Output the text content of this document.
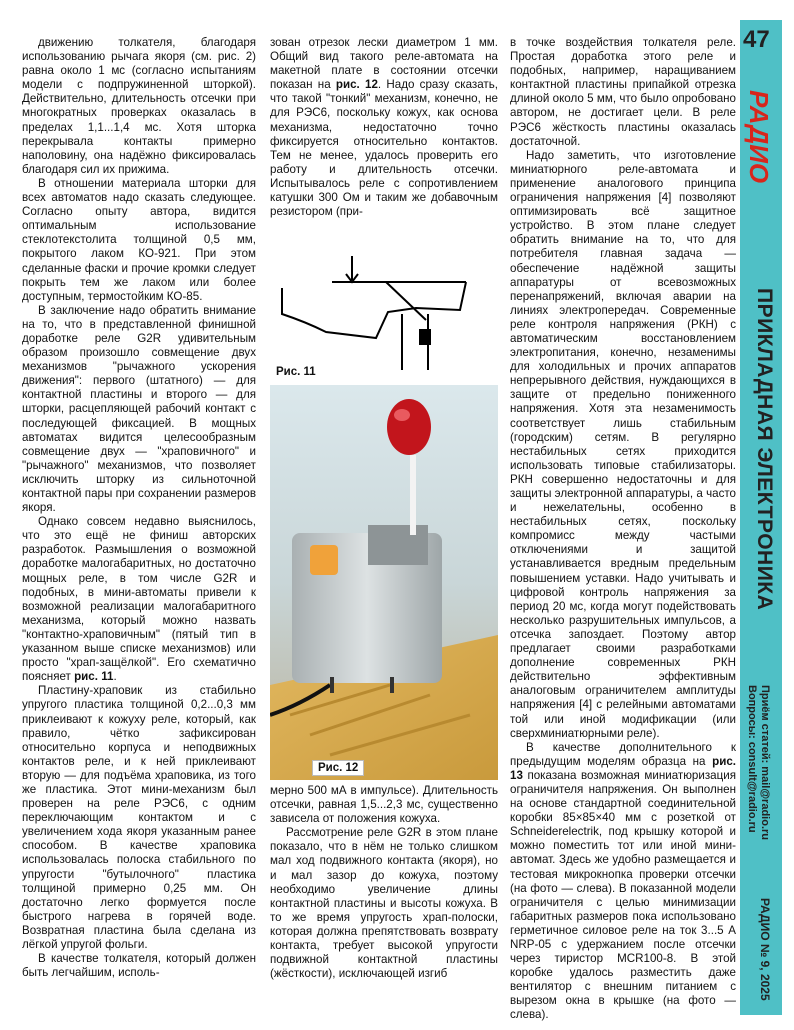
движению толкателя, благодаря использованию рычага якоря (см. рис. 2) равна около 1 мс (согласно испытаниям модели с подпружиненной шторкой). Действительно, длительность отсечки при многократных проверках оказалась в пределах 1,1...1,4 мс. Хотя шторка перекрывала контакты примерно наполовину, она надёжно фиксировалась благодаря сил их прижима.

В отношении материала шторки для всех автоматов надо сказать следующее. Согласно опыту автора, видится оптимальным использование стеклотекстолита толщиной 0,5 мм, покрытого лаком КО-921. При этом сделанные фаски и прочие кромки следует покрыть тем же лаком или более доступным, термостойким КО-85.

В заключение надо обратить внимание на то, что в представленной финишной доработке реле G2R удивительным образом произошло совмещение двух механизмов "рычажного ускорения движения": первого (штатного) — для контактной пластины и второго — для шторки, расцепляющей рабочий контакт с последующей фиксацией. В мощных автоматах видится целесообразным совмещение двух — "храповичного" и "рычажного" механизмов, что позволяет исключить шторку из сильноточной контактной пары при сохранении размеров якоря.

Однако совсем недавно выяснилось, что это ещё не финиш авторских разработок. Размышления о возможной доработке малогабаритных, но достаточно мощных реле, в том числе G2R и подобных, в мини-автоматы привели к возможной реализации малогабаритного механизма, который можно назвать "контактно-храповичным" (пятый тип в указанном выше списке механизмов) или просто "храп-защёлкой". Его схематично поясняет рис. 11.

Пластину-храповик из стабильно упругого пластика толщиной 0,2...0,3 мм приклеивают к кожуху реле, который, как правило, чётко зафиксирован относительно корпуса и неподвижных контактов реле, и к ней приклеивают вторую — для подъёма храповика, из того же пластика. Этот мини-механизм был проверен на реле РЭС6, с одним переключающим контактом и с увеличением хода якоря указанным ранее способом. В качестве храповика использовалась полоска стабильного по упругости "бутылочного" пластика толщиной примерно 0,25 мм. Он достаточно легко формуется после быстрого нагрева в горячей воде. Возвратная пластина была сделана из лёгкой упругой фольги.

В качестве толкателя, который должен быть легчайшим, исполь-

зован отрезок лески диаметром 1 мм. Общий вид такого реле-автомата на макетной плате в состоянии отсечки показан на рис. 12. Надо сразу сказать, что такой "тонкий" механизм, конечно, не для РЭС6, поскольку кожух, как основа механизма, недостаточно точно фиксируется относительно контактов. Тем не менее, удалось проверить его работу и длительность отсечки. Испытывалось реле с сопротивлением катушки 300 Ом и таким же добавочным резистором (при-

Рис. 11
Рис. 12

мерно 500 мА в импульсе). Длительность отсечки, равная 1,5...2,3 мс, существенно зависела от положения кожуха.

Рассмотрение реле G2R в этом плане показало, что в нём не только слишком мал ход подвижного контакта (якоря), но и мал зазор до кожуха, поэтому необходимо увеличение длины контактной пластины и высоты кожуха. В то же время упругость храп-полоски, которая должна препятствовать возврату контакта, требует высокой упругости подвижной контактной пластины (жёсткости), исключающей изгиб

в точке воздействия толкателя реле. Простая доработка этого реле и подобных, например, наращиванием контактной пластины припайкой отрезка длиной около 5 мм, что было опробовано автором, не достигает цели. В реле РЭС6 жёсткость пластины оказалась достаточной.

Надо заметить, что изготовление миниатюрного реле-автомата и применение аналогового принципа ограничения напряжения [4] позволяют оптимизировать всё защитное устройство. В этом плане следует обратить внимание на то, что для потребителя главная задача — обеспечение надёжной защиты аппаратуры от всевозможных перенапряжений, включая аварии на линиях электропередач. Современные реле контроля напряжения (РКН) с автоматическим восстановлением электропитания, конечно, незаменимы для холодильных и прочих аппаратов непрерывного действия, нуждающихся в защите от предельно пониженного напряжения. Хотя эта незаменимость соответствует лишь стабильным (городским) сетям. В регулярно нестабильных сетях приходится использовать типовые стабилизаторы. РКН совершенно недостаточны и для защиты электронной аппаратуры, а часто и нежелательны, особенно в нестабильных сетях, поскольку компромисс между частыми отключениями и защитой устанавливается вредным предельным повышением уставки. Надо учитывать и цифровой контроль напряжения за период 20 мс, когда могут подействовать несколько разрушительных импульсов, а отсечка запоздает. Поэтому автор предлагает своими разработками дополнение современных РКН действительно эффективным аналоговым ограничителем амплитуды напряжения [4] с релейными автоматами той или иной модификации (или сверхминиатюрными реле).

В качестве дополнительного к предыдущим моделям образца на рис. 13 показана возможная миниатюризация ограничителя напряжения. Он выполнен на основе стандартной соединительной коробки 85×85×40 мм с розеткой от Schneiderelectrik, под крышку которой и можно поместить тот или иной мини-автомат. Здесь же удобно размещается и тестовая микрокнопка проверки отсечки (на фото — слева). В показанной модели ограничителя с целью минимизации габаритных размеров пока использовано герметичное силовое реле на ток 3...5 А NRP-05 с удержанием после отсечки через тиристор MCR100-8. В этой коробке удалось разместить даже вентилятор с внешним питанием с вырезом окна в крышке (на фото — слева).

47
РАДИО
ПРИКЛАДНАЯ ЭЛЕКТРОНИКА
Приём статей: mail@radio.ru
Вопросы: consult@radio.ru
РАДИО № 9, 2025
